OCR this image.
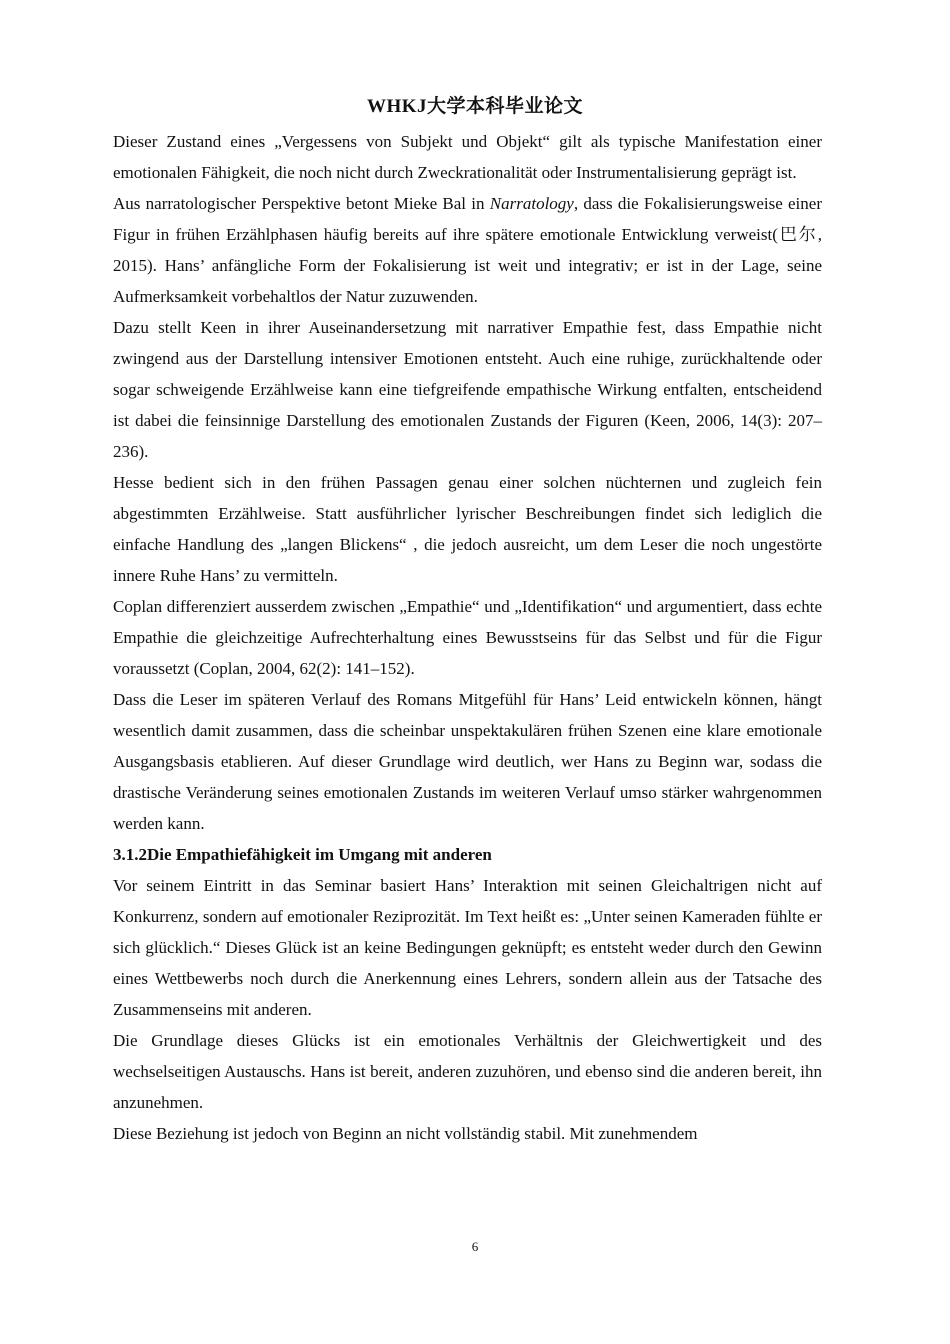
WHKJ大学本科毕业论文

Dieser Zustand eines „Vergessens von Subjekt und Objekt“ gilt als typische Manifestation einer emotionalen Fähigkeit, die noch nicht durch Zweckrationalität oder Instrumentalisierung geprägt ist.

Aus narratologischer Perspektive betont Mieke Bal in Narratology, dass die Fokalisierungsweise einer Figur in frühen Erzählphasen häufig bereits auf ihre spätere emotionale Entwicklung verweist(巴尔, 2015). Hans’ anfängliche Form der Fokalisierung ist weit und integrativ; er ist in der Lage, seine Aufmerksamkeit vorbehaltlos der Natur zuzuwenden.

Dazu stellt Keen in ihrer Auseinandersetzung mit narrativer Empathie fest, dass Empathie nicht zwingend aus der Darstellung intensiver Emotionen entsteht. Auch eine ruhige, zurückhaltende oder sogar schweigende Erzählweise kann eine tiefgreifende empathische Wirkung entfalten, entscheidend ist dabei die feinsinnige Darstellung des emotionalen Zustands der Figuren (Keen, 2006, 14(3): 207–236).

Hesse bedient sich in den frühen Passagen genau einer solchen nüchternen und zugleich fein abgestimmten Erzählweise. Statt ausführlicher lyrischer Beschreibungen findet sich lediglich die einfache Handlung des „langen Blickens“ , die jedoch ausreicht, um dem Leser die noch ungestörte innere Ruhe Hans’ zu vermitteln.

Coplan differenziert ausserdem zwischen „Empathie“ und „Identifikation“ und argumentiert, dass echte Empathie die gleichzeitige Aufrechterhaltung eines Bewusstseins für das Selbst und für die Figur voraussetzt (Coplan, 2004, 62(2): 141–152).

Dass die Leser im späteren Verlauf des Romans Mitgefühl für Hans’ Leid entwickeln können, hängt wesentlich damit zusammen, dass die scheinbar unspektakulären frühen Szenen eine klare emotionale Ausgangsbasis etablieren. Auf dieser Grundlage wird deutlich, wer Hans zu Beginn war, sodass die drastische Veränderung seines emotionalen Zustands im weiteren Verlauf umso stärker wahrgenommen werden kann.

3.1.2Die Empathiefähigkeit im Umgang mit anderen

Vor seinem Eintritt in das Seminar basiert Hans’ Interaktion mit seinen Gleichaltrigen nicht auf Konkurrenz, sondern auf emotionaler Reziprozität. Im Text heißt es: „Unter seinen Kameraden fühlte er sich glücklich.“ Dieses Glück ist an keine Bedingungen geknüpft; es entsteht weder durch den Gewinn eines Wettbewerbs noch durch die Anerkennung eines Lehrers, sondern allein aus der Tatsache des Zusammenseins mit anderen.

Die Grundlage dieses Glücks ist ein emotionales Verhältnis der Gleichwertigkeit und des wechselseitigen Austauschs. Hans ist bereit, anderen zuzuhören, und ebenso sind die anderen bereit, ihn anzunehmen.

Diese Beziehung ist jedoch von Beginn an nicht vollständig stabil. Mit zunehmendem

6
